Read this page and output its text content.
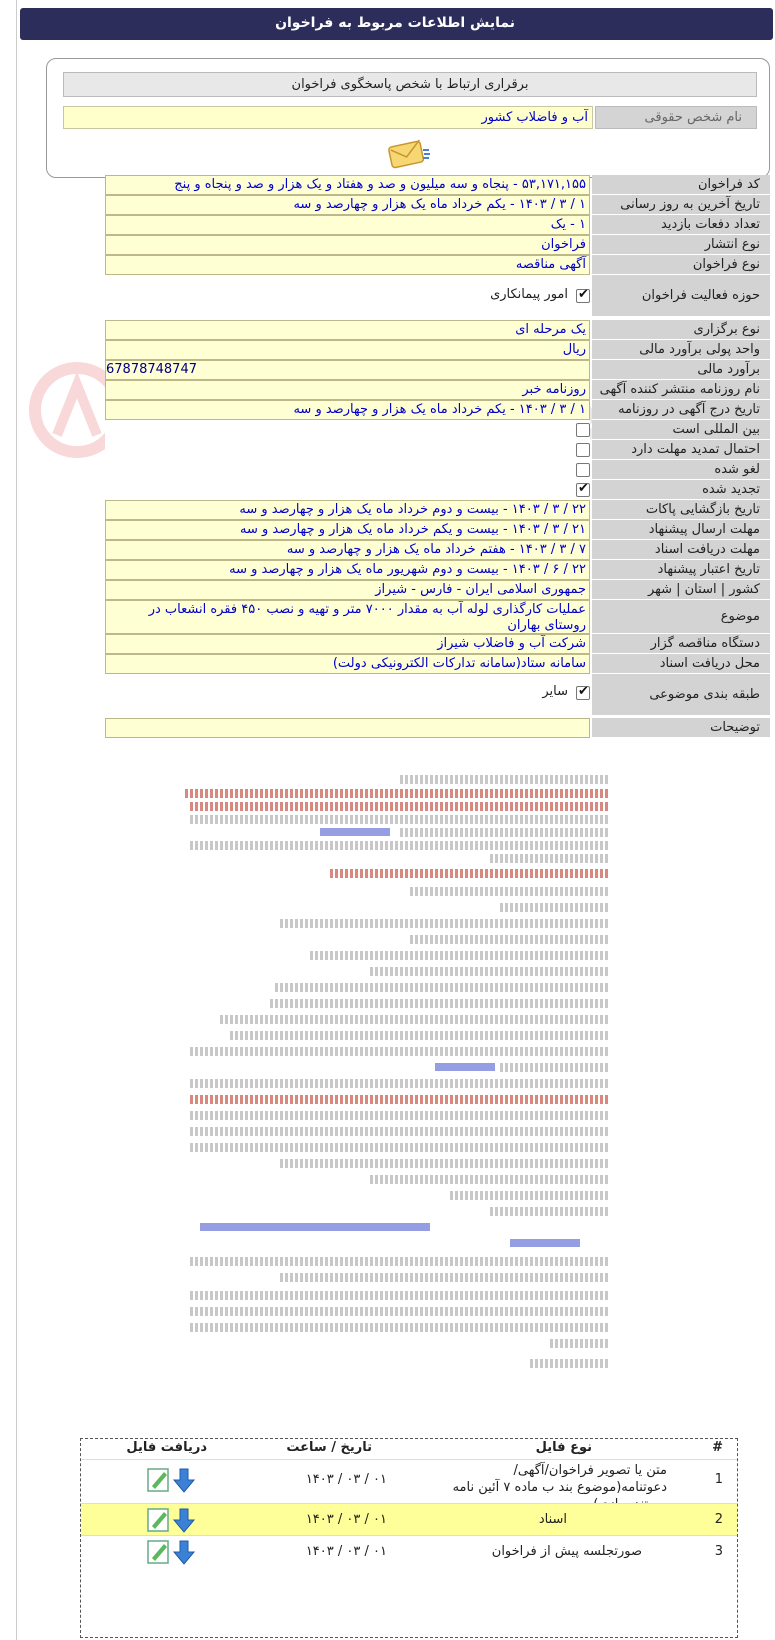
نمایش اطلاعات مربوط به فراخوان
برقراری ارتباط با شخص پاسخگوی فراخوان
نام شخص حقوقی
آب و فاضلاب کشور
کد فراخوان
۵۳,۱۷۱,۱۵۵ - پنجاه و سه میلیون و صد و هفتاد و یک هزار و صد و پنجاه و پنج
تاریخ آخرین به روز رسانی
۱ / ۳ / ۱۴۰۳ - یکم خرداد ماه یک هزار و چهارصد و سه
تعداد دفعات بازدید
۱ - یک
نوع انتشار
فراخوان
نوع فراخوان
آگهی مناقصه
حوزه فعالیت فراخوان
✔
امور پیمانکاری
نوع برگزاری
یک مرحله ای
واحد پولی برآورد مالی
ریال
برآورد مالی
67878748747
نام روزنامه منتشر کننده آگهی
روزنامه خبر
تاریخ درج آگهی در روزنامه
۱ / ۳ / ۱۴۰۳ - یکم خرداد ماه یک هزار و چهارصد و سه
بین المللی است
احتمال تمدید مهلت دارد
لغو شده
تجدید شده
✔
تاریخ بازگشایی پاکات
۲۲ / ۳ / ۱۴۰۳ - بیست و دوم خرداد ماه یک هزار و چهارصد و سه
مهلت ارسال پیشنهاد
۲۱ / ۳ / ۱۴۰۳ - بیست و یکم خرداد ماه یک هزار و چهارصد و سه
مهلت دریافت اسناد
۷ / ۳ / ۱۴۰۳ - هفتم خرداد ماه یک هزار و چهارصد و سه
تاریخ اعتبار پیشنهاد
۲۲ / ۶ / ۱۴۰۳ - بیست و دوم شهریور ماه یک هزار و چهارصد و سه
کشور | استان | شهر
جمهوری اسلامی ایران - فارس - شیراز
موضوع
عملیات کارگذاری لوله آب به مقدار ۷۰۰۰ متر و تهیه و نصب ۴۵۰ فقره انشعاب در روستای بهاران
دستگاه مناقصه گزار
شرکت آب و فاضلاب شیراز
محل دریافت اسناد
سامانه ستاد(سامانه تدارکات الکترونیکی دولت)
طبقه بندی موضوعی
✔
سایر
توضیحات
#
نوع فایل
تاریخ / ساعت
دریافت فایل
1
متن یا تصویر فراخوان/آگهی/دعوتنامه(موضوع بند ب ماده ۷ آئین نامه
۰۱ / ۰۳ / ۱۴۰۳
2
اسناد
۰۱ / ۰۳ / ۱۴۰۳
3
صورتجلسه پیش از فراخوان
۰۱ / ۰۳ / ۱۴۰۳
